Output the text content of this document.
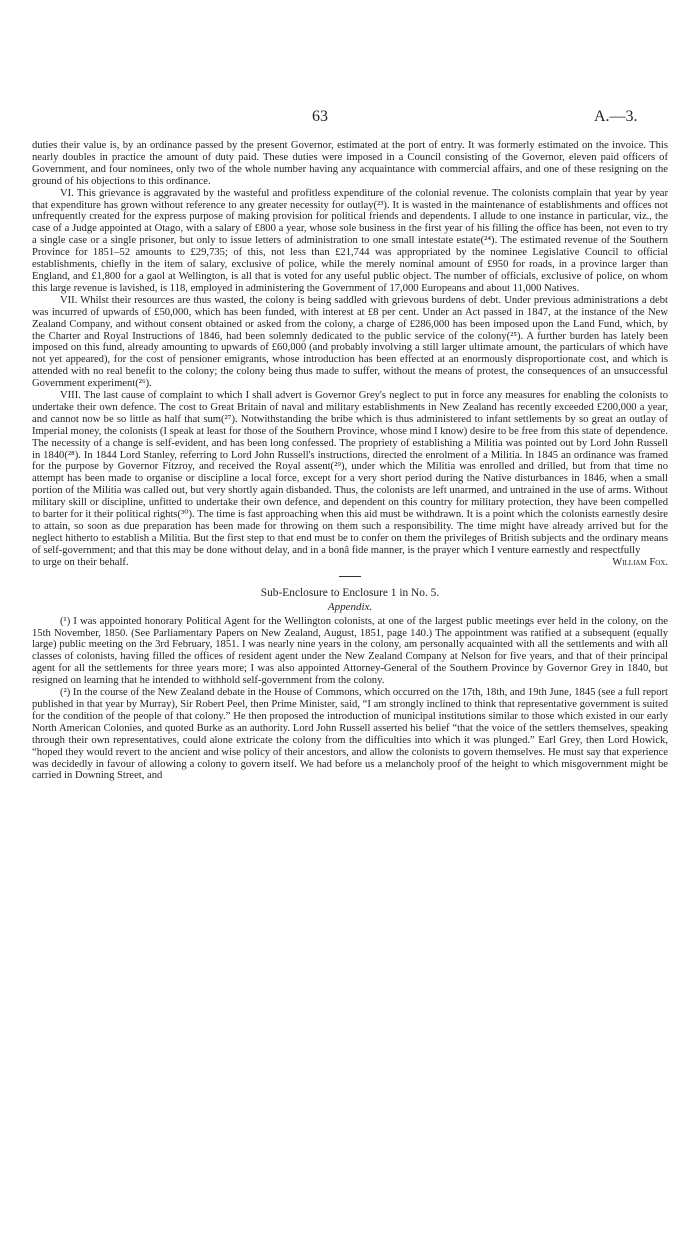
63	A.—3.

duties their value is, by an ordinance passed by the present Governor, estimated at the port of entry. It was formerly estimated on the invoice. This nearly doubles in practice the amount of duty paid. These duties were imposed in a Council consisting of the Governor, eleven paid officers of Government, and four nominees, only two of the whole number having any acquaintance with commercial affairs, and one of these resigning on the ground of his objections to this ordinance.

VI. This grievance is aggravated by the wasteful and profitless expenditure of the colonial revenue. The colonists complain that year by year that expenditure has grown without reference to any greater necessity for outlay(²³). It is wasted in the maintenance of establishments and offices not unfrequently created for the express purpose of making provision for political friends and dependents. I allude to one instance in particular, viz., the case of a Judge appointed at Otago, with a salary of £800 a year, whose sole business in the first year of his filling the office has been, not even to try a single case or a single prisoner, but only to issue letters of administration to one small intestate estate(²⁴). The estimated revenue of the Southern Province for 1851–52 amounts to £29,735; of this, not less than £21,744 was appropriated by the nominee Legislative Council to official establishments, chiefly in the item of salary, exclusive of police, while the merely nominal amount of £950 for roads, in a province larger than England, and £1,800 for a gaol at Wellington, is all that is voted for any useful public object. The number of officials, exclusive of police, on whom this large revenue is lavished, is 118, employed in administering the Government of 17,000 Europeans and about 11,000 Natives.

VII. Whilst their resources are thus wasted, the colony is being saddled with grievous burdens of debt. Under previous administrations a debt was incurred of upwards of £50,000, which has been funded, with interest at £8 per cent. Under an Act passed in 1847, at the instance of the New Zealand Company, and without consent obtained or asked from the colony, a charge of £286,000 has been imposed upon the Land Fund, which, by the Charter and Royal Instructions of 1846, had been solemnly dedicated to the public service of the colony(²⁵). A further burden has lately been imposed on this fund, already amounting to upwards of £60,000 (and probably involving a still larger ultimate amount, the particulars of which have not yet appeared), for the cost of pensioner emigrants, whose introduction has been effected at an enormously disproportionate cost, and which is attended with no real benefit to the colony; the colony being thus made to suffer, without the means of protest, the consequences of an unsuccessful Government experiment(²⁶).

VIII. The last cause of complaint to which I shall advert is Governor Grey's neglect to put in force any measures for enabling the colonists to undertake their own defence. The cost to Great Britain of naval and military establishments in New Zealand has recently exceeded £200,000 a year, and cannot now be so little as half that sum(²⁷). Notwithstanding the bribe which is thus administered to infant settlements by so great an outlay of Imperial money, the colonists (I speak at least for those of the Southern Province, whose mind I know) desire to be free from this state of dependence. The necessity of a change is self-evident, and has been long confessed. The propriety of establishing a Militia was pointed out by Lord John Russell in 1840(²⁸). In 1844 Lord Stanley, referring to Lord John Russell's instructions, directed the enrolment of a Militia. In 1845 an ordinance was framed for the purpose by Governor Fitzroy, and received the Royal assent(²⁹), under which the Militia was enrolled and drilled, but from that time no attempt has been made to organise or discipline a local force, except for a very short period during the Native disturbances in 1846, when a small portion of the Militia was called out, but very shortly again disbanded. Thus, the colonists are left unarmed, and untrained in the use of arms. Without military skill or discipline, unfitted to undertake their own defence, and dependent on this country for military protection, they have been compelled to barter for it their political rights(³⁰). The time is fast approaching when this aid must be withdrawn. It is a point which the colonists earnestly desire to attain, so soon as due preparation has been made for throwing on them such a responsibility. The time might have already arrived but for the neglect hitherto to establish a Militia. But the first step to that end must be to confer on them the privileges of British subjects and the ordinary means of self-government; and that this may be done without delay, and in a bonâ fide manner, is the prayer which I venture earnestly and respectfully

to urge on their behalf.	William Fox.

Sub-Enclosure to Enclosure 1 in No. 5.

Appendix.

(¹) I was appointed honorary Political Agent for the Wellington colonists, at one of the largest public meetings ever held in the colony, on the 15th November, 1850. (See Parliamentary Papers on New Zealand, August, 1851, page 140.) The appointment was ratified at a subsequent (equally large) public meeting on the 3rd February, 1851. I was nearly nine years in the colony, am personally acquainted with all the settlements and with all classes of colonists, having filled the offices of resident agent under the New Zealand Company at Nelson for five years, and that of their principal agent for all the settlements for three years more; I was also appointed Attorney-General of the Southern Province by Governor Grey in 1840, but resigned on learning that he intended to withhold self-government from the colony.

(²) In the course of the New Zealand debate in the House of Commons, which occurred on the 17th, 18th, and 19th June, 1845 (see a full report published in that year by Murray), Sir Robert Peel, then Prime Minister, said, “I am strongly inclined to think that representative government is suited for the condition of the people of that colony.” He then proposed the introduction of municipal institutions similar to those which existed in our early North American Colonies, and quoted Burke as an authority. Lord John Russell asserted his belief “that the voice of the settlers themselves, speaking through their own representatives, could alone extricate the colony from the difficulties into which it was plunged.” Earl Grey, then Lord Howick, “hoped they would revert to the ancient and wise policy of their ancestors, and allow the colonists to govern themselves. He must say that experience was decidedly in favour of allowing a colony to govern itself. We had before us a melancholy proof of the height to which misgovernment might be carried in Downing Street, and
